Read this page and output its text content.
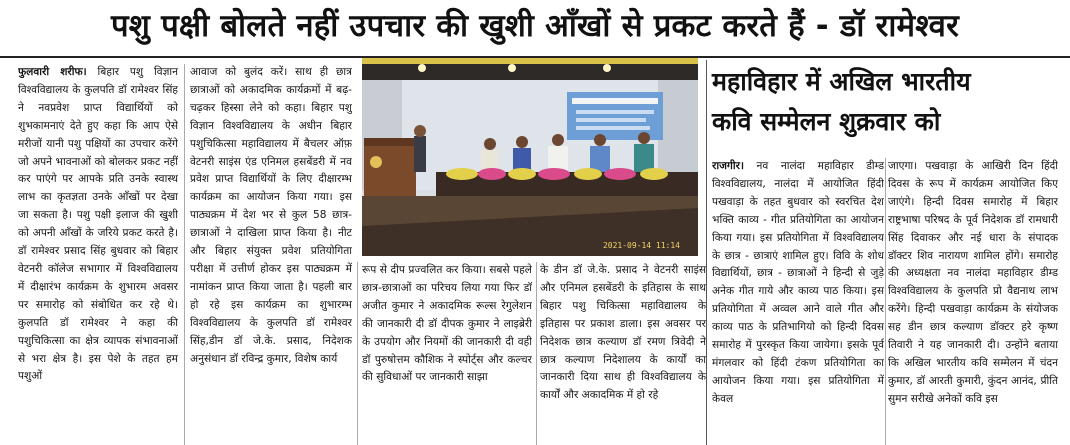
पशु पक्षी बोलते नहीं उपचार की खुशी आँखों से प्रकट करते हैं - डॉ रामेश्वर
फुलवारी शरीफ। बिहार पशु विज्ञान विश्वविद्यालय के कुलपति डॉ रामेश्वर सिंह ने नवप्रवेश प्राप्त विद्यार्थियों को शुभकामनाएं देते हुए कहा कि आप ऐसे मरीजों यानी पशु पक्षियों का उपचार करेंगे जो अपने भावनाओं को बोलकर प्रकट नहीं कर पाएंगे पर आपके प्रति उनके स्वास्थ लाभ का कृतज्ञता उनके आँखों पर देखा जा सकता है। पशु पक्षी इलाज की खुशी को अपनी आँखों के जरिये प्रकट करते है। डॉ रामेश्वर प्रसाद सिंह बुधवार को बिहार वेटनरी कॉलेज सभागार में विश्वविद्यालय में दीक्षारंभ कार्यक्रम के शुभारम अवसर पर समारोह को संबोधित कर रहे थे। कुलपति डॉ रामेश्वर ने कहा की पशुचिकित्सा का क्षेत्र व्यापक संभावनाओं से भरा क्षेत्र है। इस पेशे के तहत हम पशुओं
आवाज को बुलंद करें। साथ ही छात्र छात्राओं को अकादमिक कार्यक्रमों में बढ़- चढ़कर हिस्सा लेने को कहा। बिहार पशु विज्ञान विश्वविद्यालय के अधीन बिहार पशुचिकित्सा महाविद्यालय में बैचलर ऑफ़ वेटनरी साइंस एंड एनिमल हसबेंडरी में नव प्रवेश प्राप्त विद्यार्थियों के लिए दीक्षारम्भ कार्यक्रम का आयोजन किया गया। इस पाठ्यक्रम में देश भर से कुल 58 छात्र-छात्राओं ने दाखिला प्राप्त किया है। नीट और बिहार संयुक्त प्रवेश प्रतियोगिता परीक्षा में उत्तीर्ण होकर इस पाठ्यक्रम में नामांकन प्राप्त किया जाता है। पहली बार हो रहे इस कार्यक्रम का शुभारम्भ विश्वविद्यालय के कुलपति डॉ रामेश्वर सिंह,डीन डॉ जे.के. प्रसाद, निदेशक अनुसंधान डॉ रविन्द्र कुमार, विशेष कार्य
2021-09-14 11:14
रूप से दीप प्रज्वलित कर किया। सबसे पहले छात्र-छात्राओं का परिचय लिया गया फिर डॉ अजीत कुमार ने अकादमिक रूल्स रेगुलेशन की जानकारी दी डॉ दीपक कुमार ने लाइब्रेरी के उपयोग और नियमों की जानकारी दी वही डॉ पुरुषोत्तम कौशिक ने स्पोर्ट्स और कल्चर की सुविधाओं पर जानकारी साझा
के डीन डॉ जे.के. प्रसाद ने वेटनरी साइंस और एनिमल हसबेंडरी के इतिहास के साथ बिहार पशु चिकित्सा महाविद्यालय के इतिहास पर प्रकाश डाला। इस अवसर पर निदेशक छात्र कल्याण डॉ रमण त्रिवेदी ने छात्र कल्याण निदेशालय के कार्यों का जानकारी दिया साथ ही विश्वविद्यालय के कार्यों और अकादमिक में हो रहे
महाविहार में अखिल भारतीय
कवि सम्मेलन शुक्रवार को
राजगीर। नव नालंदा महाविहार डीम्ड विश्वविद्यालय, नालंदा में आयोजित हिंदी पखवाड़ा के तहत बुधवार को स्वरचित देश भक्ति काव्य - गीत प्रतियोगिता का आयोजन किया गया। इस प्रतियोगिता में विश्वविद्यालय के छात्र - छात्राएं शामिल हुए। विवि के शोध विद्यार्थियों, छात्र - छात्राओं ने हिन्दी से जुड़े अनेक गीत गाये और काव्य पाठ किया। इस प्रतियोगिता में अव्वल आने वाले गीत और काव्य पाठ के प्रतिभागियो को हिन्दी दिवस समारोह में पुरस्कृत किया जायेगा। इसके पूर्व मंगलवार को हिंदी टंकण प्रतियोगिता का आयोजन किया गया। इस प्रतियोगिता में केवल
जाएगा। पखवाड़ा के आखिरी दिन हिंदी दिवस के रूप में कार्यक्रम आयोजित किए जाएंगे। हिन्दी दिवस समारोह में बिहार राष्ट्रभाषा परिषद के पूर्व निदेशक डॉ रामधारी सिंह दिवाकर और नई धारा के संपादक डॉक्टर शिव नारायण शामिल होंगे। समारोह की अध्यक्षता नव नालंदा महाविहार डीम्ड विश्वविद्यालय के कुलपति प्रो वैद्यनाथ लाभ करेंगे। हिन्दी पखवाड़ा कार्यक्रम के संयोजक सह डीन छात्र कल्याण डॉक्टर हरे कृष्ण तिवारी ने यह जानकारी दी। उन्होंने बताया कि अखिल भारतीय कवि सम्मेलन में चंदन कुमार, डॉ आरती कुमारी, कुंदन आनंद, प्रीति सुमन सरीखे अनेकों कवि इस
